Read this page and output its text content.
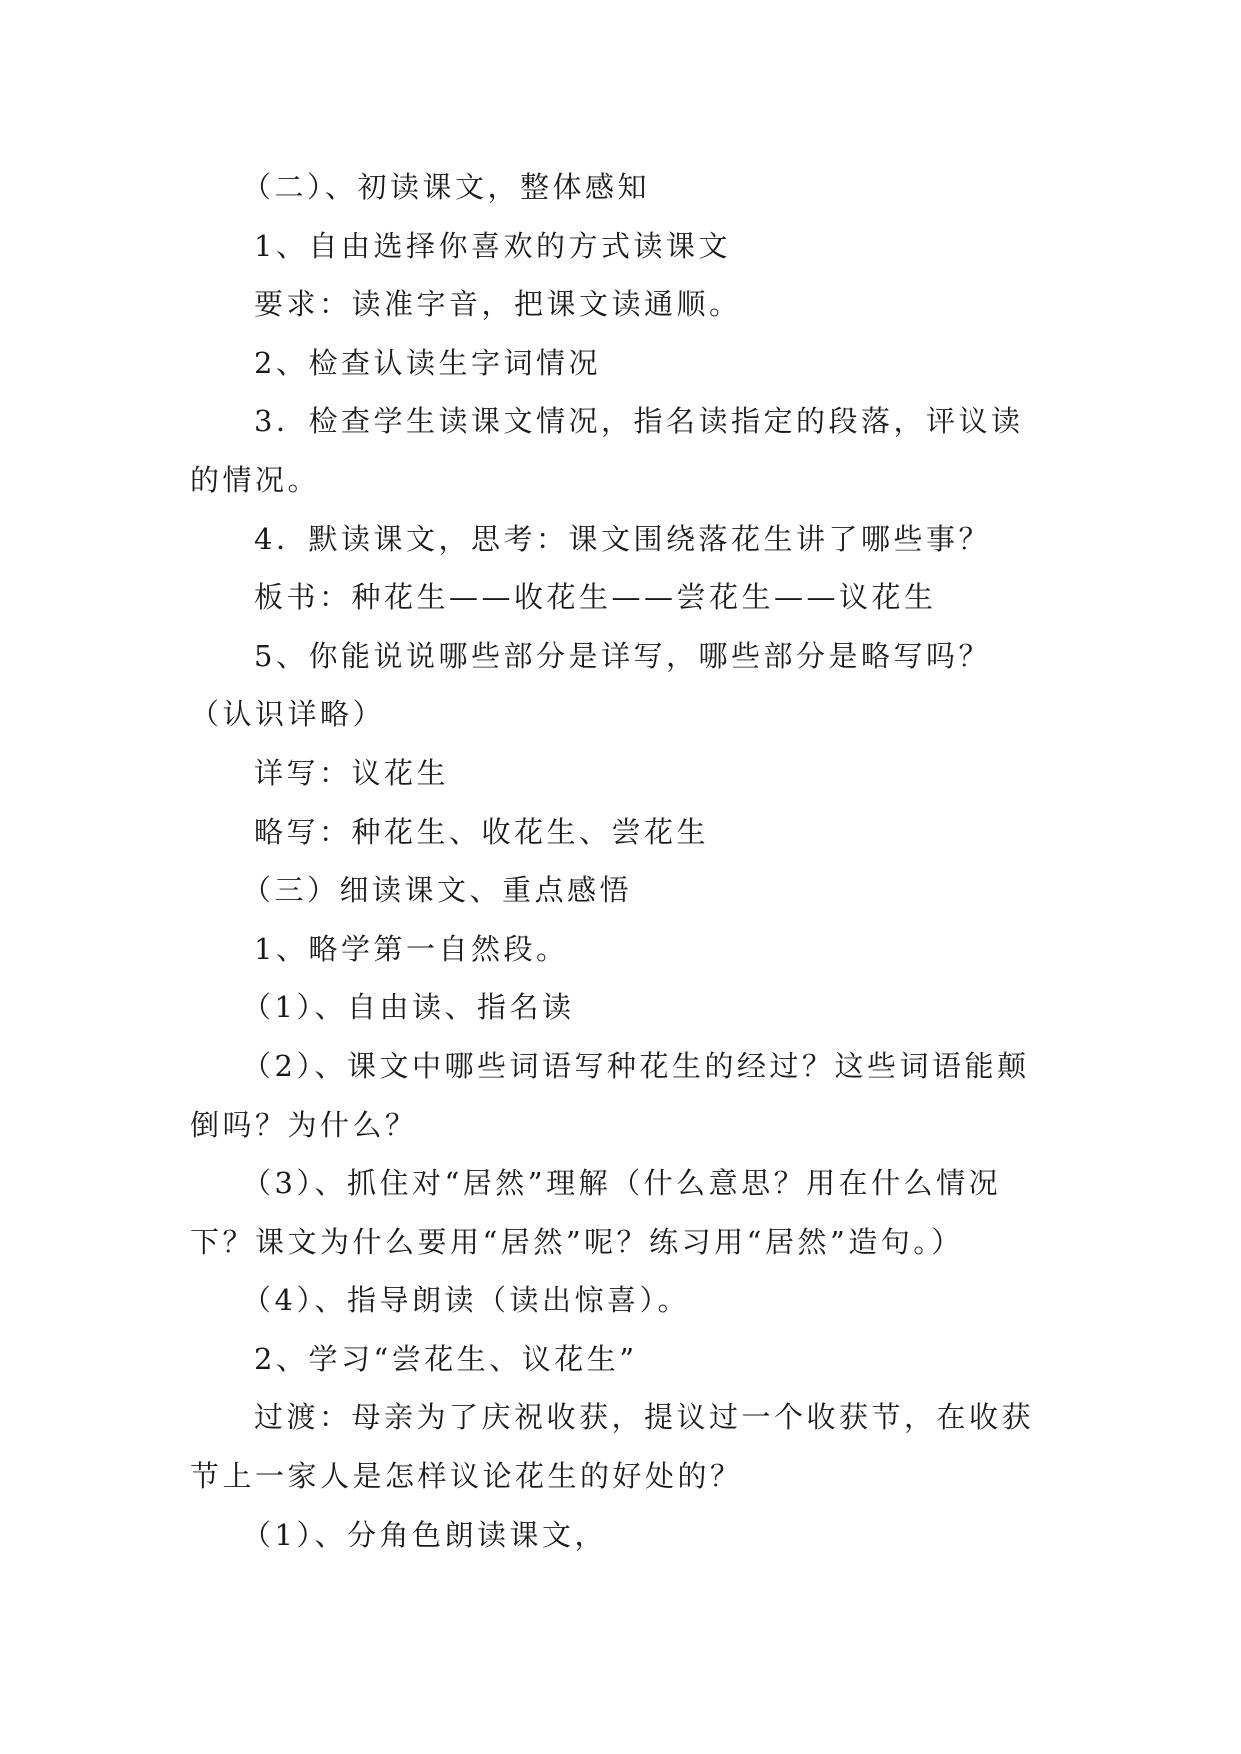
（二）、初读课文，整体感知

1、自由选择你喜欢的方式读课文

要求：读准字音，把课文读通顺。

2、检查认读生字词情况

3．检查学生读课文情况，指名读指定的段落，评议读的情况。

4．默读课文，思考：课文围绕落花生讲了哪些事？

板书：种花生——收花生——尝花生——议花生

5、你能说说哪些部分是详写，哪些部分是略写吗？（认识详略）

详写：议花生

略写：种花生、收花生、尝花生

（三）细读课文、重点感悟

1、略学第一自然段。

（1）、自由读、指名读

（2）、课文中哪些词语写种花生的经过？这些词语能颠倒吗？为什么？

（3）、抓住对“居然”理解（什么意思？用在什么情况下？课文为什么要用“居然”呢？练习用“居然”造句。）

（4）、指导朗读（读出惊喜）。

2、学习“尝花生、议花生”

过渡：母亲为了庆祝收获，提议过一个收获节，在收获节上一家人是怎样议论花生的好处的？

（1）、分角色朗读课文，
